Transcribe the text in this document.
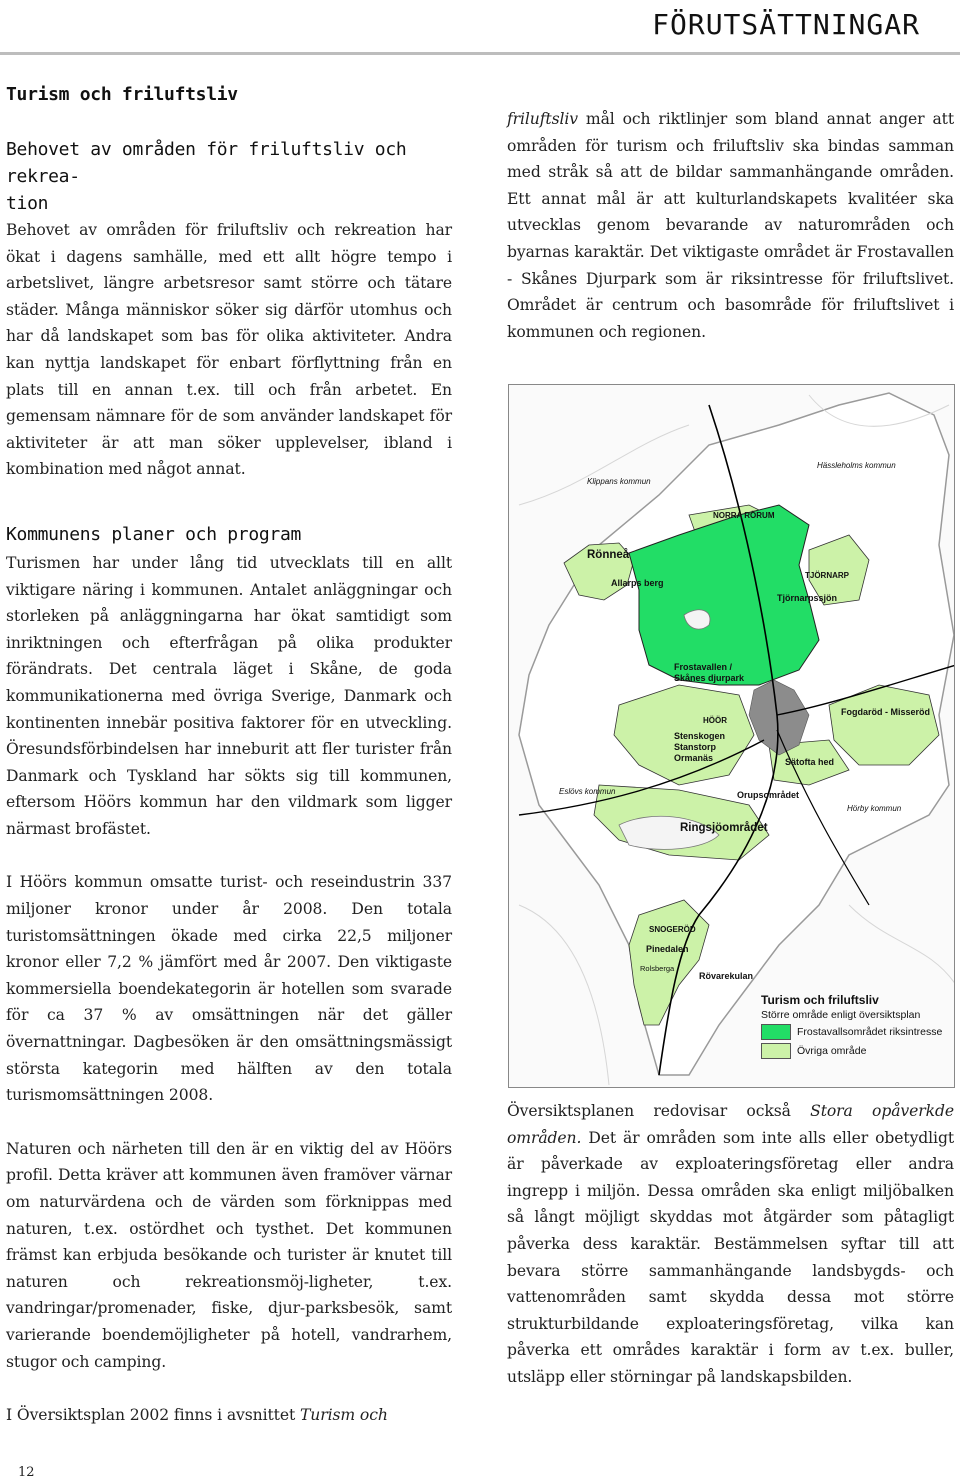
FÖRUTSÄTTNINGAR
Turism och friluftsliv
Behovet av områden för friluftsliv och rekrea-
tion

Behovet av områden för friluftsliv och rekreation har ökat i dagens samhälle, med ett allt högre tempo i arbetslivet, längre arbetsresor samt större och tätare städer. Många människor söker sig därför utomhus och har då landskapet som bas för olika aktiviteter. Andra kan nyttja landskapet för enbart förflyttning från en plats till en annan t.ex. till och från arbetet. En gemensam nämnare för de som använder landskapet för aktiviteter är att man söker upplevelser, ibland i kombination med något annat.

Kommunens planer och program

Turismen har under lång tid utvecklats till en allt viktigare näring i kommunen. Antalet anläggningar och storleken på anläggningarna har ökat samtidigt som inriktningen och efterfrågan på olika produkter förändrats. Det centrala läget i Skåne, de goda kommunikationerna med övriga Sverige, Danmark och kontinenten innebär positiva faktorer för en utveckling. Öresundsförbindelsen har inneburit att fler turister från Danmark och Tyskland har sökts sig till kommunen, eftersom Höörs kommun har den vildmark som ligger närmast brofästet.

I Höörs kommun omsatte turist- och reseindustrin 337 miljoner kronor under år 2008. Den totala turistomsättningen ökade med cirka 22,5 miljoner kronor eller 7,2 % jämfört med år 2007. Den viktigaste kommersiella boendekategorin är hotellen som svarade för ca 37 % av omsättningen när det gäller övernattningar. Dagbesöken är den omsättningsmässigt största kategorin med hälften av den totala turismomsättningen 2008.

Naturen och närheten till den är en viktig del av Höörs profil. Detta kräver att kommunen även framöver värnar om naturvärdena och de värden som förknippas med naturen, t.ex. ostördhet och tysthet. Det kommunen främst kan erbjuda besökande och turister är knutet till naturen och rekreationsmöj-ligheter, t.ex. vandringar/promenader, fiske, djur-parksbesök, samt varierande boendemöjligheter på hotell, vandrarhem, stugor och camping.

I Översiktsplan 2002 finns i avsnittet Turism och

friluftsliv mål och riktlinjer som bland annat anger att områden för turism och friluftsliv ska bindas samman med stråk så att de bildar sammanhängande områden. Ett annat mål är att kulturlandskapets kvalitéer ska utvecklas genom bevarande av naturområden och byarnas karaktär. Det viktigaste området är Frostavallen - Skånes Djurpark som är riksintresse för friluftslivet. Området är centrum och basområde för friluftslivet i kommunen och regionen.

Översiktsplanen redovisar också Stora opåverkde områden. Det är områden som inte alls eller obetydligt är påverkade av exploateringsföretag eller andra ingrepp i miljön. Dessa områden ska enligt miljöbalken så långt möjligt skyddas mot åtgärder som påtagligt påverka dess karaktär. Bestämmelsen syftar till att bevara större sammanhängande landsbygds- och vattenområden samt skydda dessa mot större strukturbildande exploateringsföretag, vilka kan påverka ett områdes karaktär i form av t.ex. buller, utsläpp eller störningar på landskapsbilden.

Klippans kommun
Hässleholms kommun
NORRA RÖRUM
Rönneå
Allarps berg
TJÖRNARP
Tjörnarpssjön
Frostavallen /
Skånes djurpark
HÖÖR
Fogdaröd - Misseröd
Stenskogen
Stanstorp
Ormanäs	Sätofta hed
Eslövs kommun	Orupsområdet
Hörby kommun
Ringsjöområdet
SNOGERÖD
Pinedalen
Rolsberga
Rövarekulan
Turism och friluftsliv
Större område enligt översiktsplan
Frostavallsområdet riksintresse
Övriga område
12
